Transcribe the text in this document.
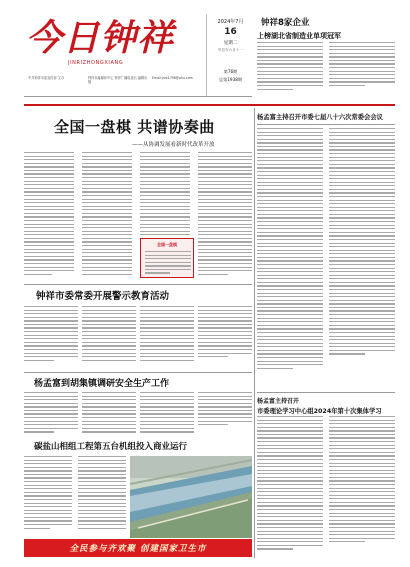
今日钟祥
JINRIZHONGXIANG
中共钟祥市委宣传部 主办	钟祥市融媒体中心 钟祥广播电视台 编辑出版
Email:jrzx1798@ohu.com
2024年7月
16
星期二
甲辰年六月十一
第76期
总第1938期
钟祥8家企业
上榜湖北省制造业单项冠军
全国一盘棋 共谱协奏曲
——从协调发展看新时代改革开放
全国一盘棋
钟祥市委常委开展警示教育活动
杨孟富到胡集镇调研安全生产工作
碳盐山相组工程第五台机组投入商业运行
全民参与齐欢聚 创建国家卫生市
杨孟富主持召开市委七届八十六次常委会会议
杨孟富主持召开
市委理论学习中心组2024年第十次集体学习
